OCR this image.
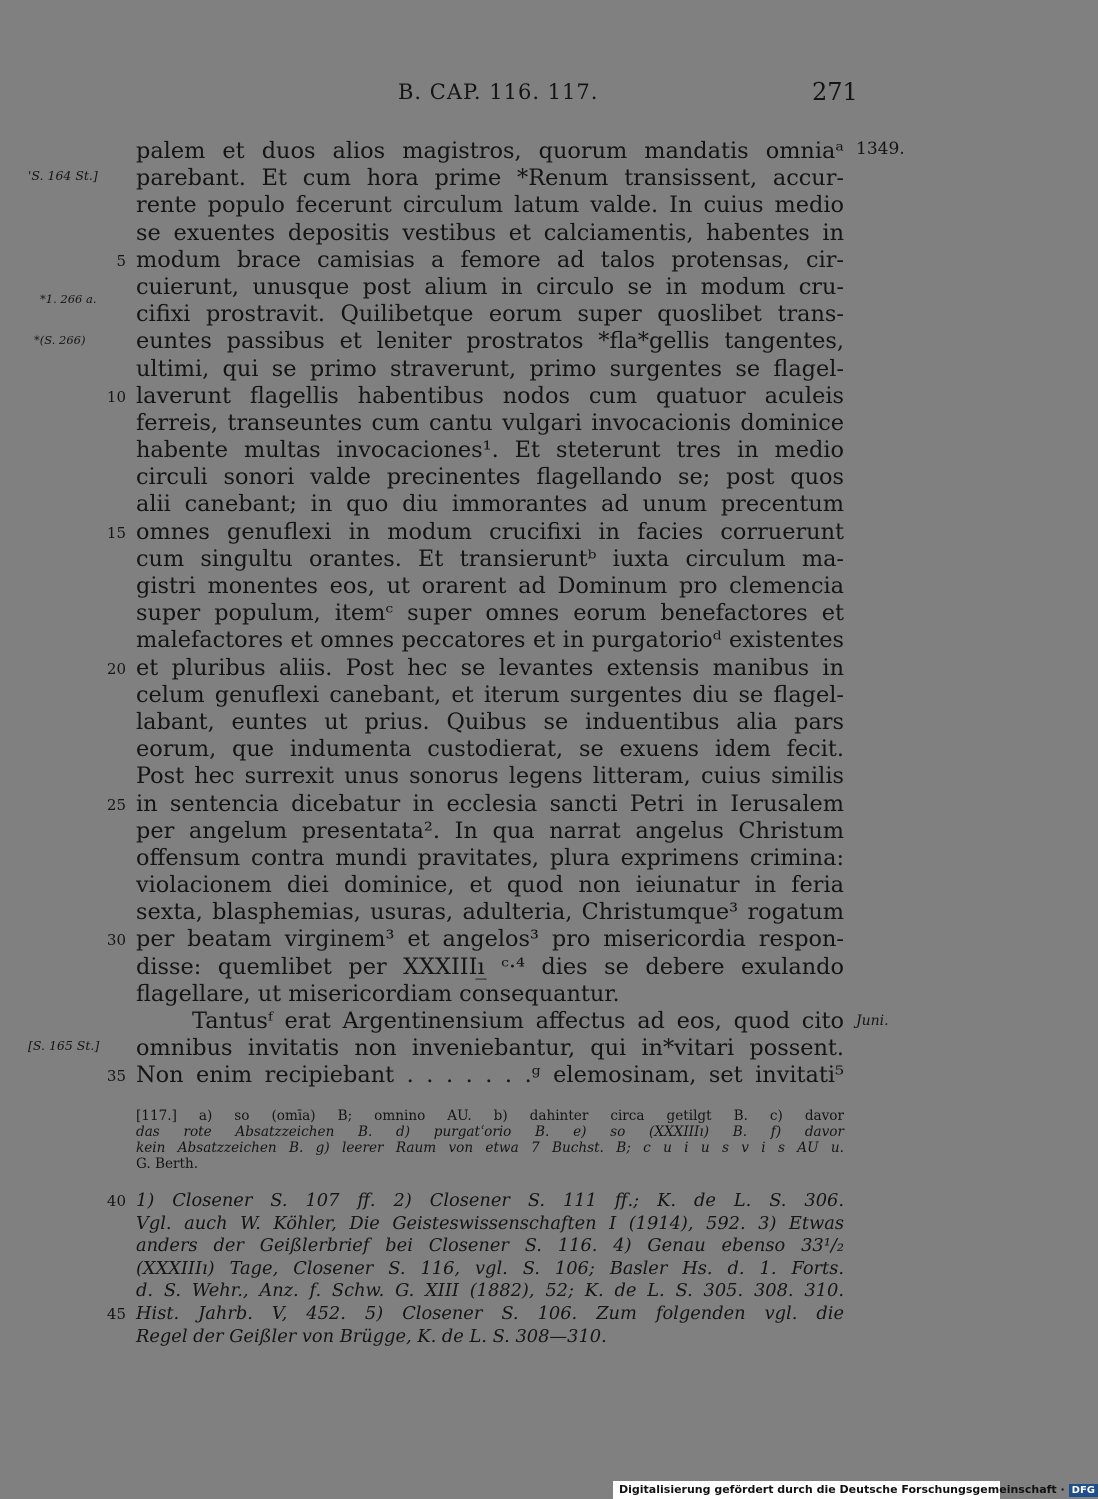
B. CAP. 116. 117.	271
palem et duos alios magistros, quorum mandatis omniaᵃ 1349.
parebant. Et cum hora prime *Renum transissent, accur-
'S. 164 St.]
rente populo fecerunt circulum latum valde. In cuius medio
se exuentes depositis vestibus et calciamentis, habentes in
modum brace camisias a femore ad talos protensas, cir-
5
cuierunt, unusque post alium in circulo se in modum cru-
cifixi prostravit. Quilibetque eorum super quoslibet trans-
*1. 266 a.
euntes passibus et leniter prostratos *fla*gellis tangentes,
*(S. 266)
ultimi, qui se primo straverunt, primo surgentes se flagel-
laverunt flagellis habentibus nodos cum quatuor aculeis
10
ferreis, transeuntes cum cantu vulgari invocacionis dominice
habente multas invocaciones¹. Et steterunt tres in medio
circuli sonori valde precinentes flagellando se; post quos
alii canebant; in quo diu immorantes ad unum precentum
omnes genuflexi in modum crucifixi in facies corruerunt
15
cum singultu orantes. Et transieruntᵇ iuxta circulum ma-
gistri monentes eos, ut orarent ad Dominum pro clemencia
super populum, itemᶜ super omnes eorum benefactores et
malefactores et omnes peccatores et in purgatorioᵈ existentes
et pluribus aliis. Post hec se levantes extensis manibus in
20
celum genuflexi canebant, et iterum surgentes diu se flagel-
labant, euntes ut prius. Quibus se induentibus alia pars
eorum, que indumenta custodierat, se exuens idem fecit.
Post hec surrexit unus sonorus legens litteram, cuius similis
in sentencia dicebatur in ecclesia sancti Petri in Ierusalem
25
per angelum presentata². In qua narrat angelus Christum
offensum contra mundi pravitates, plura exprimens crimina:
violacionem diei dominice, et quod non ieiunatur in feria
sexta, blasphemias, usuras, adulteria, Christumque³ rogatum
per beatam virginem³ et angelos³ pro misericordia respon-
30
disse: quemlibet per XXXIIIı̲ ᶜ·⁴ dies se debere exulando
flagellare, ut misericordiam consequantur.
Tantusᶠ erat Argentinensium affectus ad eos, quod cito Juni.
omnibus invitatis non inveniebantur, qui in*vitari possent.
[S. 165 St.]
Non enim recipiebant . . . . . . .ᵍ elemosinam, set invitati⁵
35
[117.] a) so (omīa) B; omnino AU. b) dahinter circa getilgt B. c) davor
das rote Absatzzeichen B. d) purgatʿorio B. e) so (XXXIIIı) B. f) davor
kein Absatzzeichen B. g) leerer Raum von etwa 7 Buchst. B; c u i u s v i s AU u.
G. Berth.
1) Closener S. 107 ff. 2) Closener S. 111 ff.; K. de L. S. 306.
40
Vgl. auch W. Köhler, Die Geisteswissenschaften I (1914), 592. 3) Etwas
anders der Geißlerbrief bei Closener S. 116. 4) Genau ebenso 33¹/₂
(XXXIIIı) Tage, Closener S. 116, vgl. S. 106; Basler Hs. d. 1. Forts.
d. S. Wehr., Anz. f. Schw. G. XIII (1882), 52; K. de L. S. 305. 308. 310.
Hist. Jahrb. V, 452. 5) Closener S. 106. Zum folgenden vgl. die
45
Regel der Geißler von Brügge, K. de L. S. 308—310.
Digitalisierung gefördert durch die Deutsche Forschungsgemeinschaft · DFG
